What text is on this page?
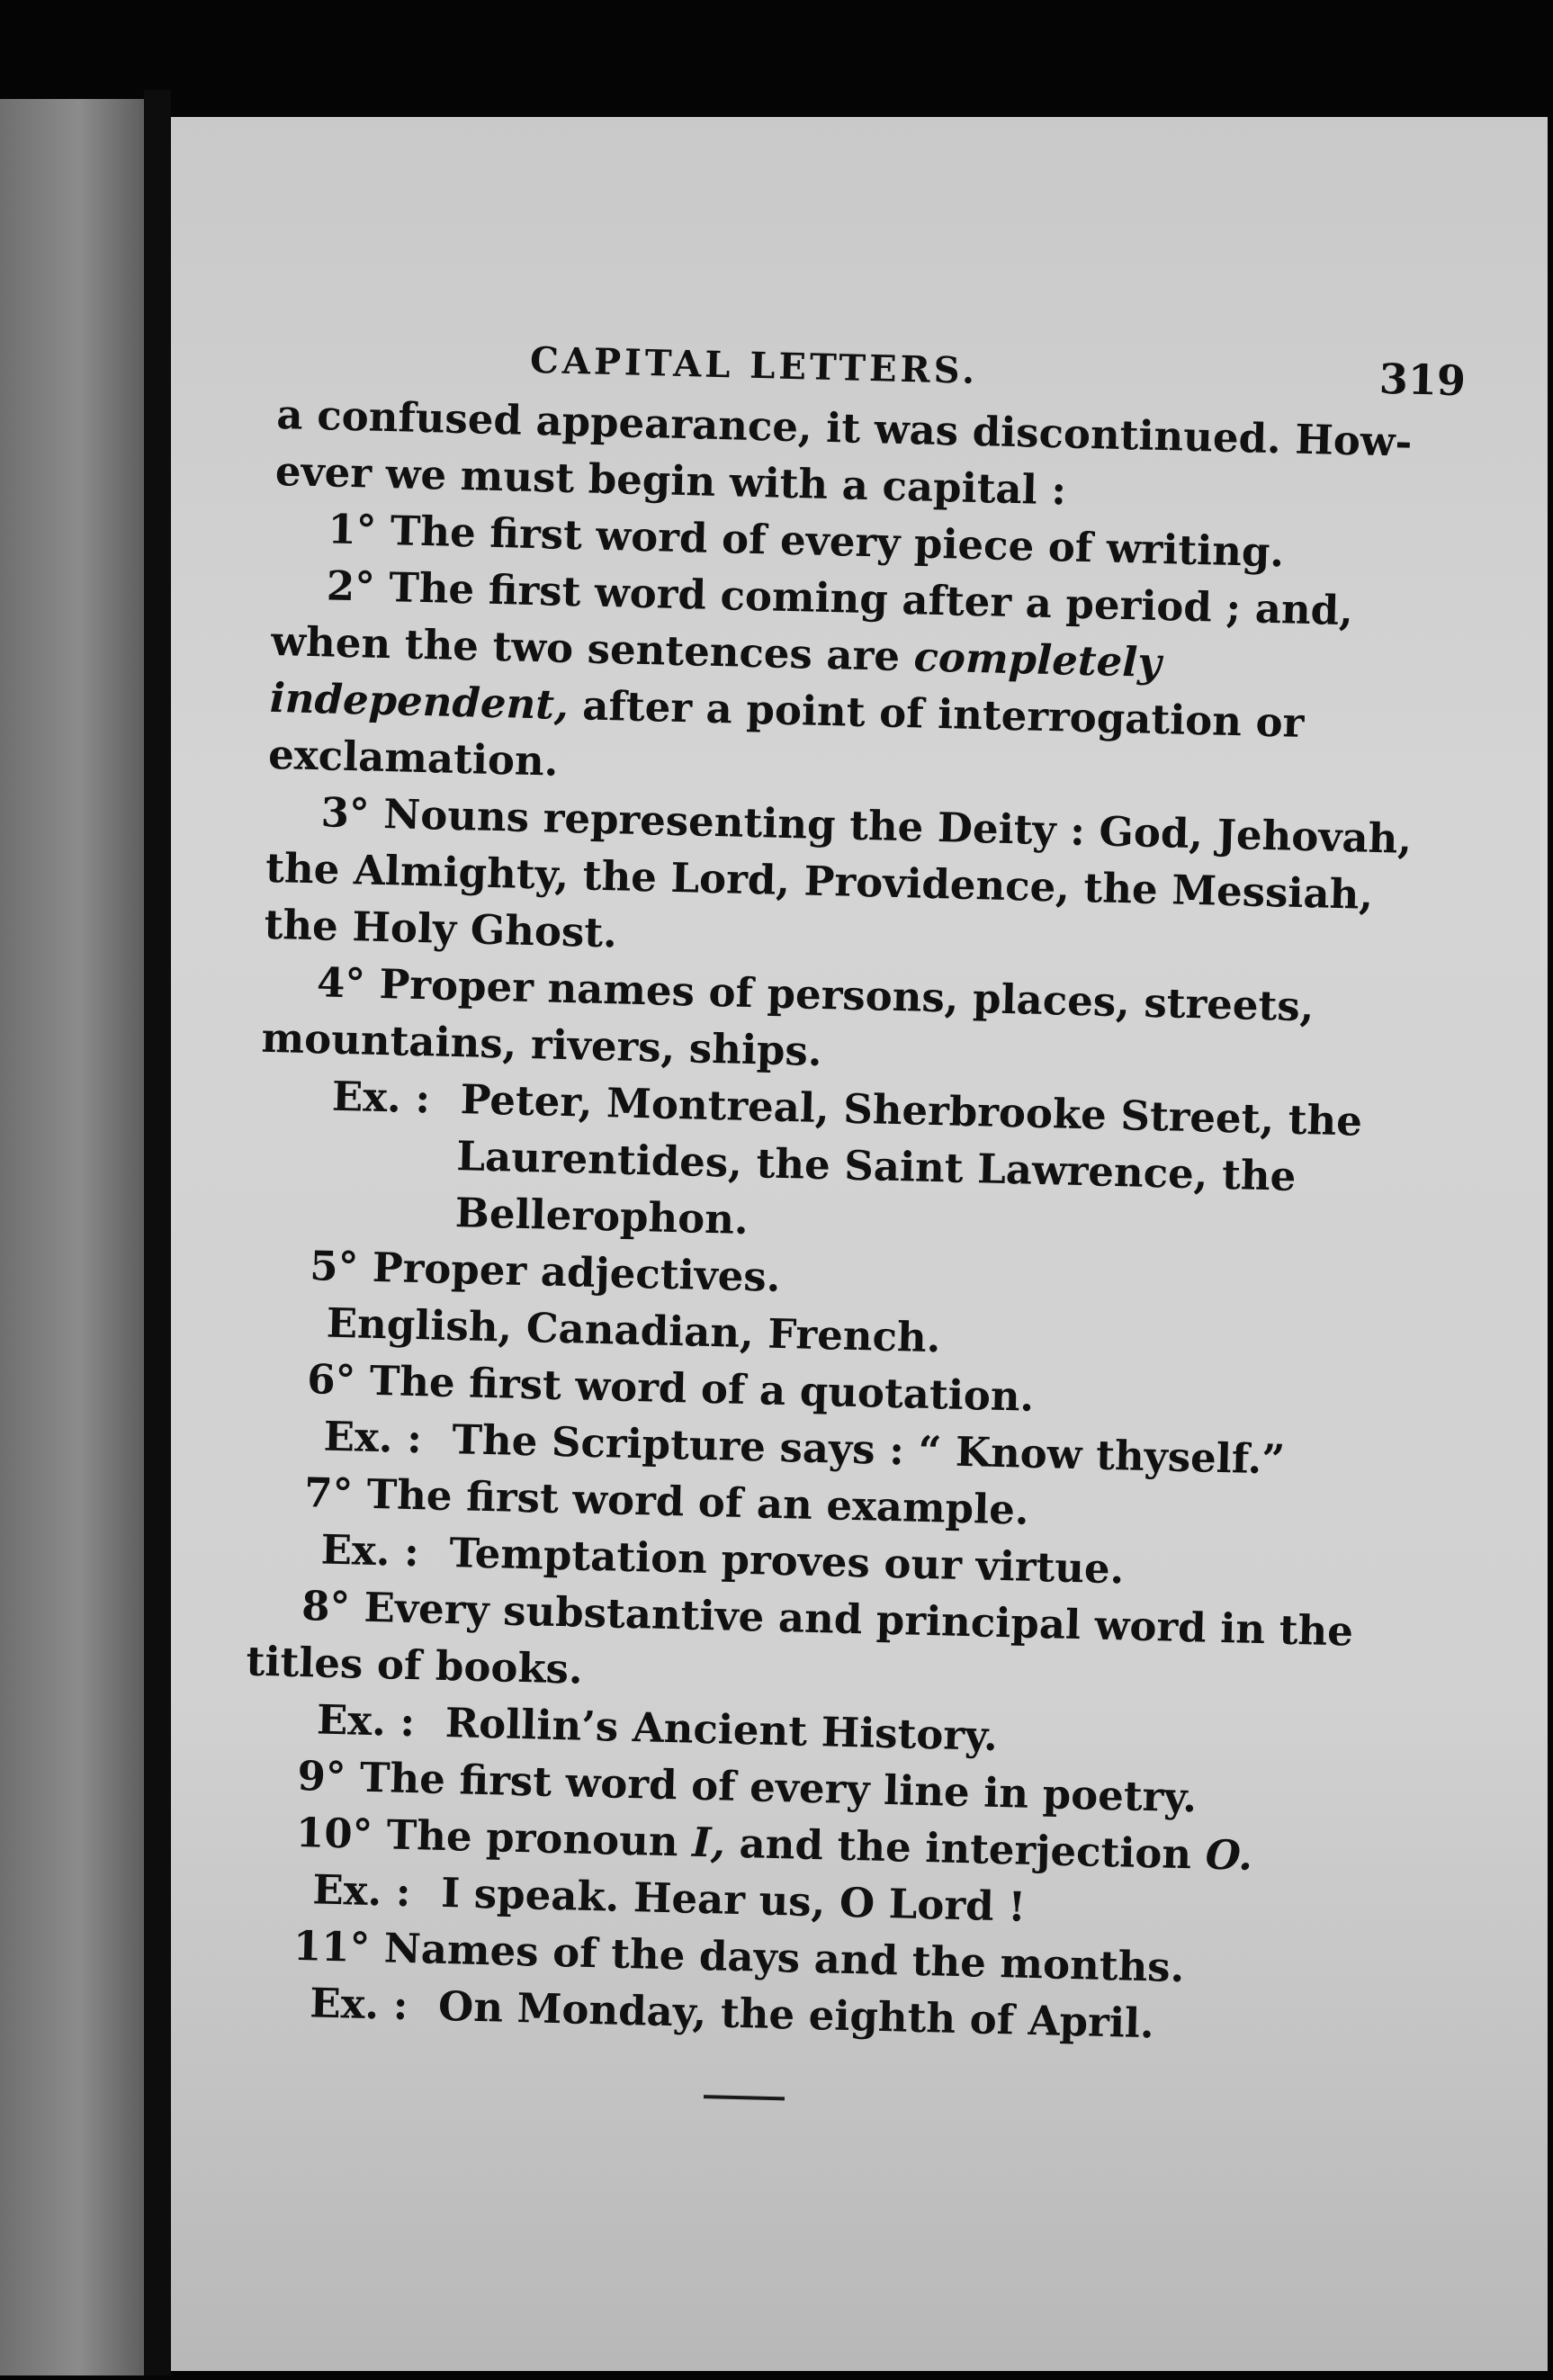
CAPITAL LETTERS.	319

a confused appearance, it was discontinued. How-

ever we must begin with a capital :

1° The first word of every piece of writing.

2° The first word coming after a period ; and, when the two sentences are completely independent, after a point of interrogation or exclamation.

3° Nouns representing the Deity : God, Jehovah, the Almighty, the Lord, Providence, the Messiah, the Holy Ghost.

4° Proper names of persons, places, streets, mountains, rivers, ships.

Ex. : Peter, Montreal, Sherbrooke Street, the Laurentides, the Saint Lawrence, the Bellerophon.

5° Proper adjectives.

English, Canadian, French.

6° The first word of a quotation.

Ex. : The Scripture says : “ Know thyself.”

7° The first word of an example.

Ex. : Temptation proves our virtue.

8° Every substantive and principal word in the titles of books.

Ex. : Rollin’s Ancient History.

9° The first word of every line in poetry.

10° The pronoun I, and the interjection O.

Ex. : I speak. Hear us, O Lord !

11° Names of the days and the months.

Ex. : On Monday, the eighth of April.
